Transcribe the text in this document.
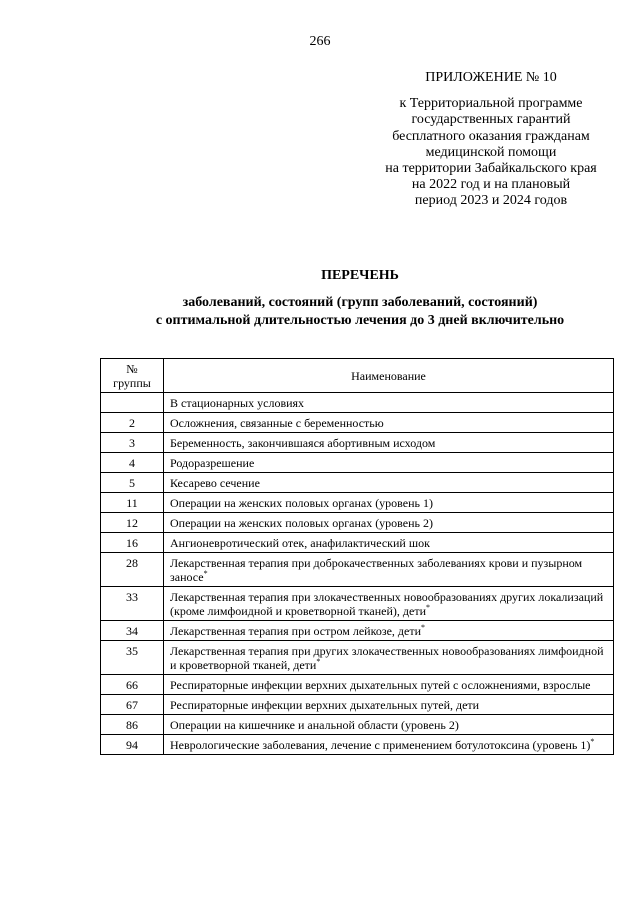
266
ПРИЛОЖЕНИЕ № 10
к Территориальной программе
государственных гарантий
бесплатного оказания гражданам
медицинской помощи
на территории Забайкальского края
на 2022 год и на плановый
период 2023 и 2024 годов
ПЕРЕЧЕНЬ
заболеваний, состояний (групп заболеваний, состояний)
с оптимальной длительностью лечения до 3 дней включительно
№ группы	Наименование
	В стационарных условиях
2	Осложнения, связанные с беременностью
3	Беременность, закончившаяся абортивным исходом
4	Родоразрешение
5	Кесарево сечение
11	Операции на женских половых органах (уровень 1)
12	Операции на женских половых органах (уровень 2)
16	Ангионевротический отек, анафилактический шок
28	Лекарственная терапия при доброкачественных заболеваниях крови и пузырном заносе*
33	Лекарственная терапия при злокачественных новообразованиях других локализаций (кроме лимфоидной и кроветворной тканей), дети*
34	Лекарственная терапия при остром лейкозе, дети*
35	Лекарственная терапия при других злокачественных новообразованиях лимфоидной и кроветворной тканей, дети*
66	Респираторные инфекции верхних дыхательных путей с осложнениями, взрослые
67	Респираторные инфекции верхних дыхательных путей, дети
86	Операции на кишечнике и анальной области (уровень 2)
94	Неврологические заболевания, лечение с применением ботулотоксина (уровень 1)*
